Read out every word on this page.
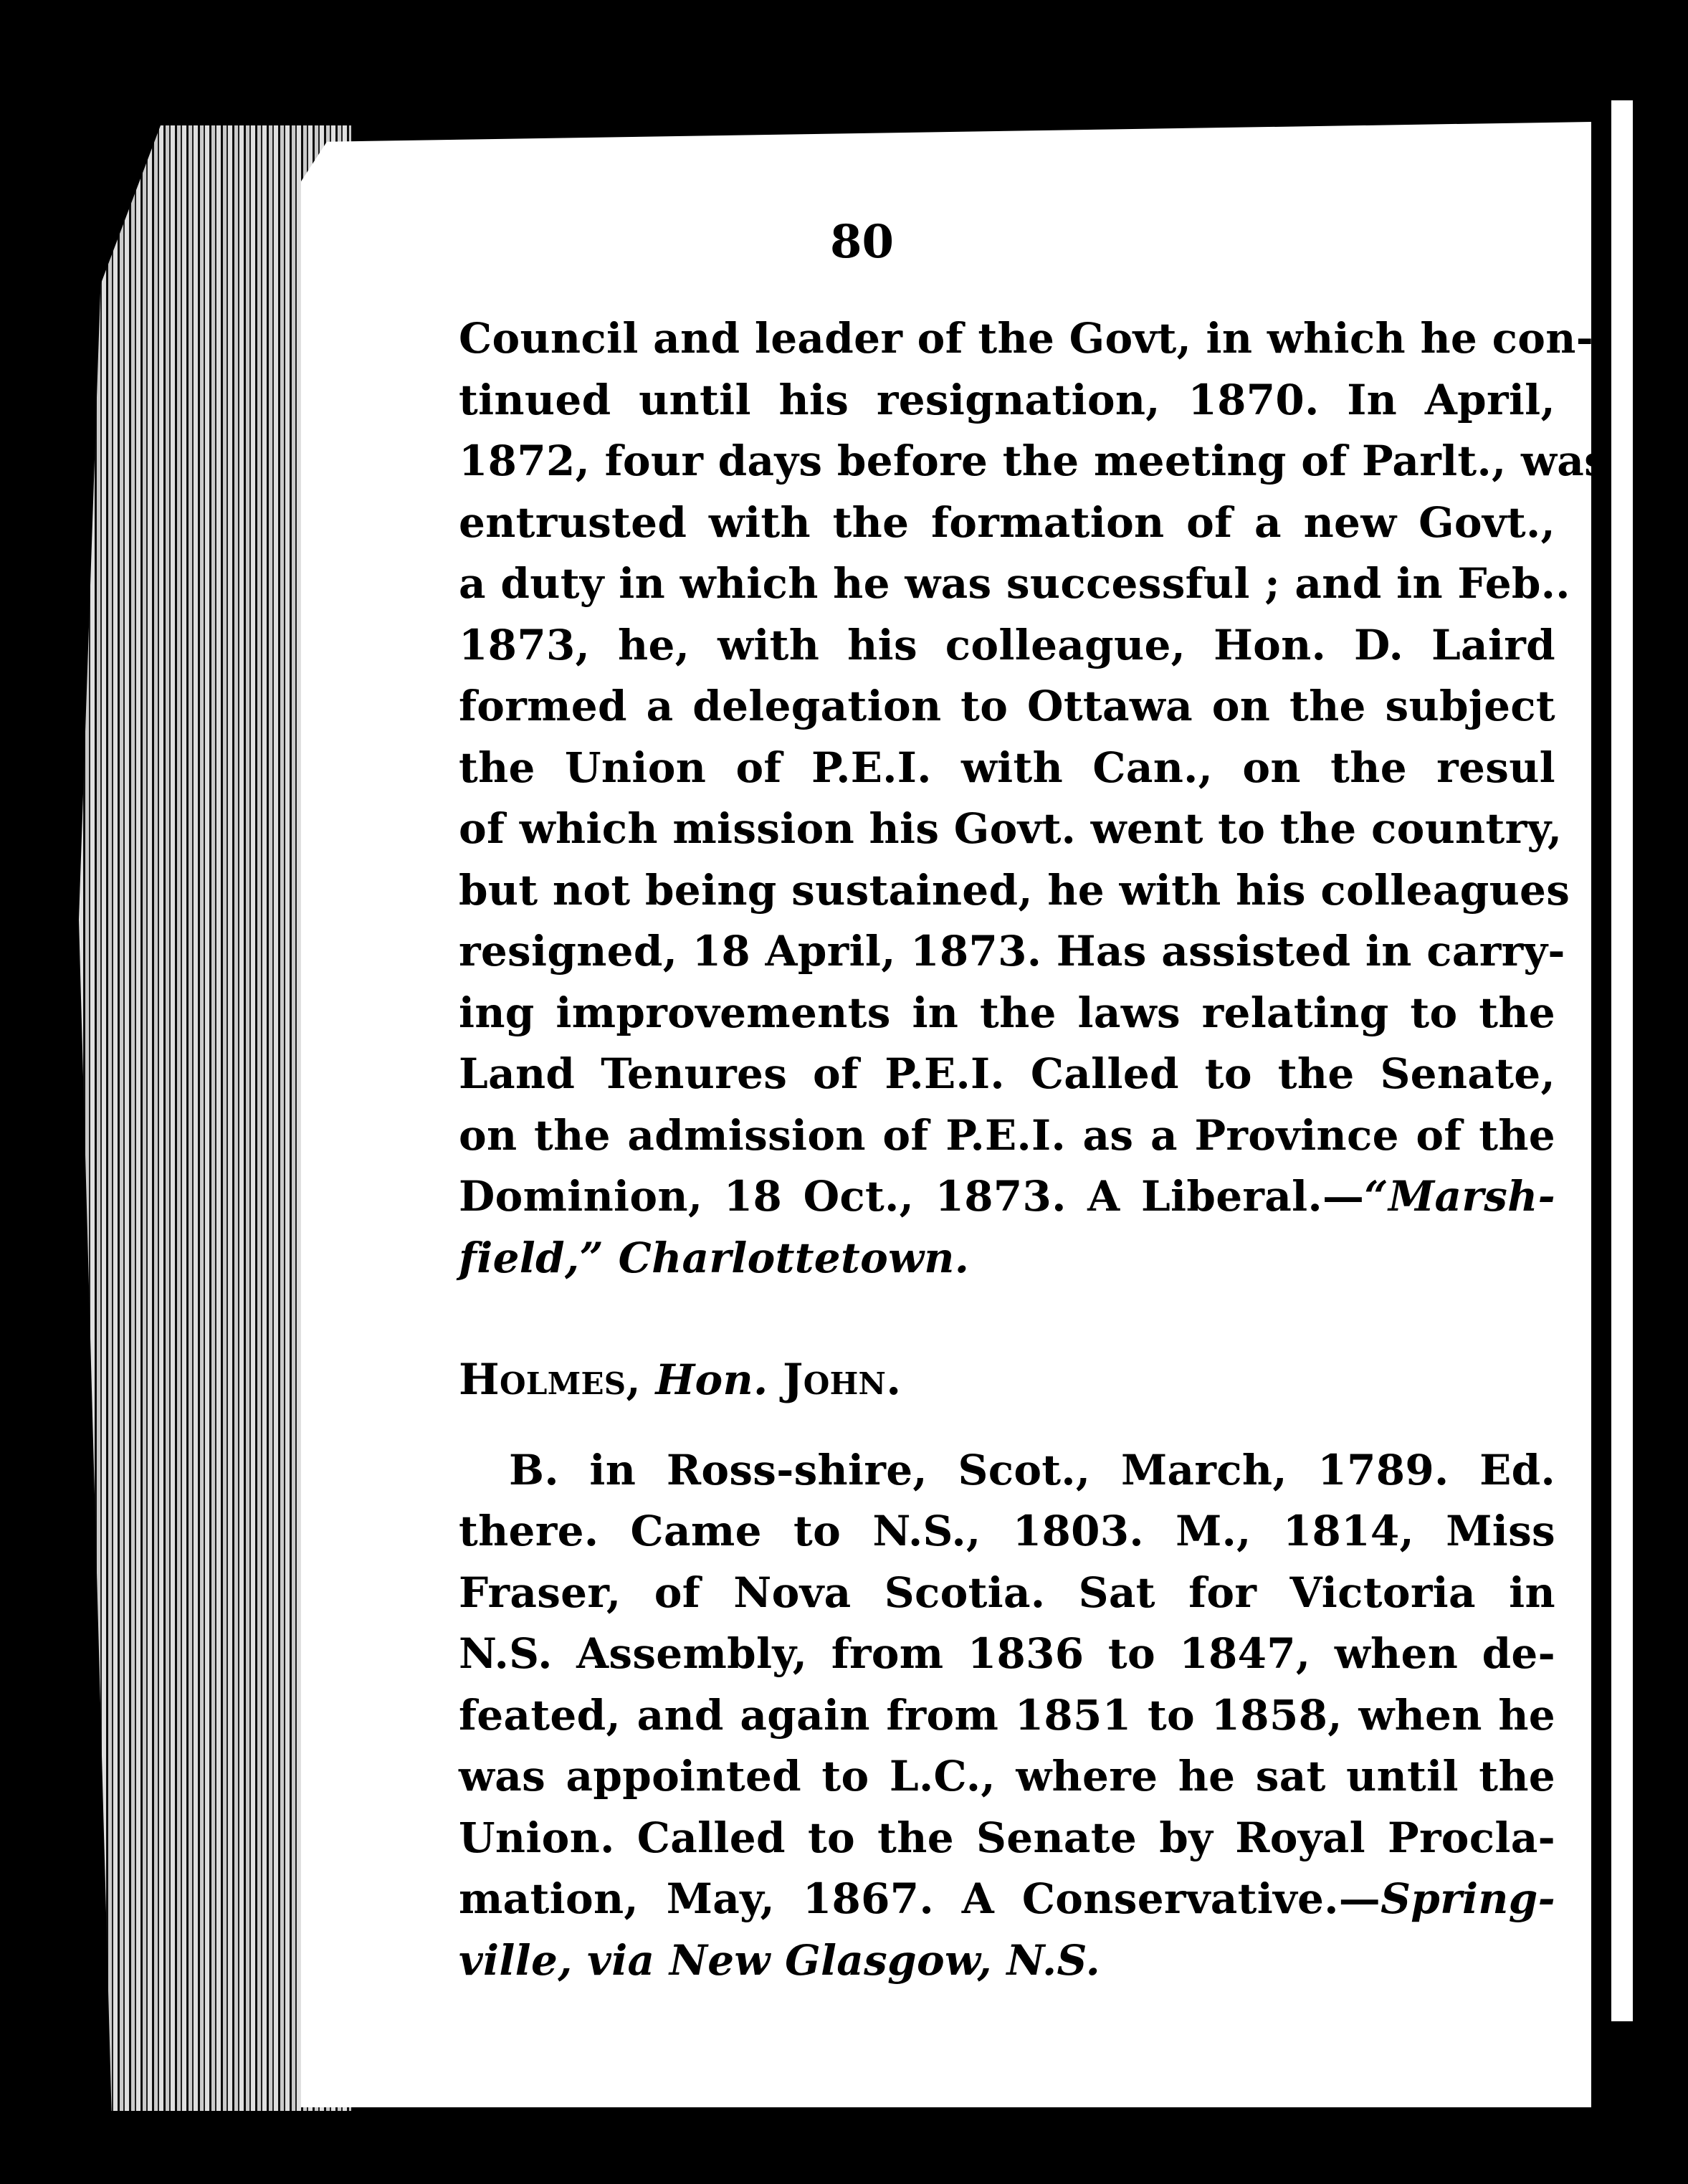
80
Council and leader of the Govt, in which he con-
tinued until his resignation, 1870. In April,
1872, four days before the meeting of Parlt., was
entrusted with the formation of a new Govt.,
a duty in which he was successful ; and in Feb..
1873, he, with his colleague, Hon. D. Laird
formed a delegation to Ottawa on the subject
the Union of P.E.I. with Can., on the resul
of which mission his Govt. went to the country,
but not being sustained, he with his colleagues
resigned, 18 April, 1873. Has assisted in carry-
ing improvements in the laws relating to the
Land Tenures of P.E.I. Called to the Senate,
on the admission of P.E.I. as a Province of the
Dominion, 18 Oct., 1873. A Liberal.—“Marsh-
field,” Charlottetown.
Holmes, Hon. John.
B. in Ross-shire, Scot., March, 1789. Ed.
there. Came to N.S., 1803. M., 1814, Miss
Fraser, of Nova Scotia. Sat for Victoria in
N.S. Assembly, from 1836 to 1847, when de-
feated, and again from 1851 to 1858, when he
was appointed to L.C., where he sat until the
Union. Called to the Senate by Royal Procla-
mation, May, 1867. A Conservative.—Spring-
ville, via New Glasgow, N.S.
